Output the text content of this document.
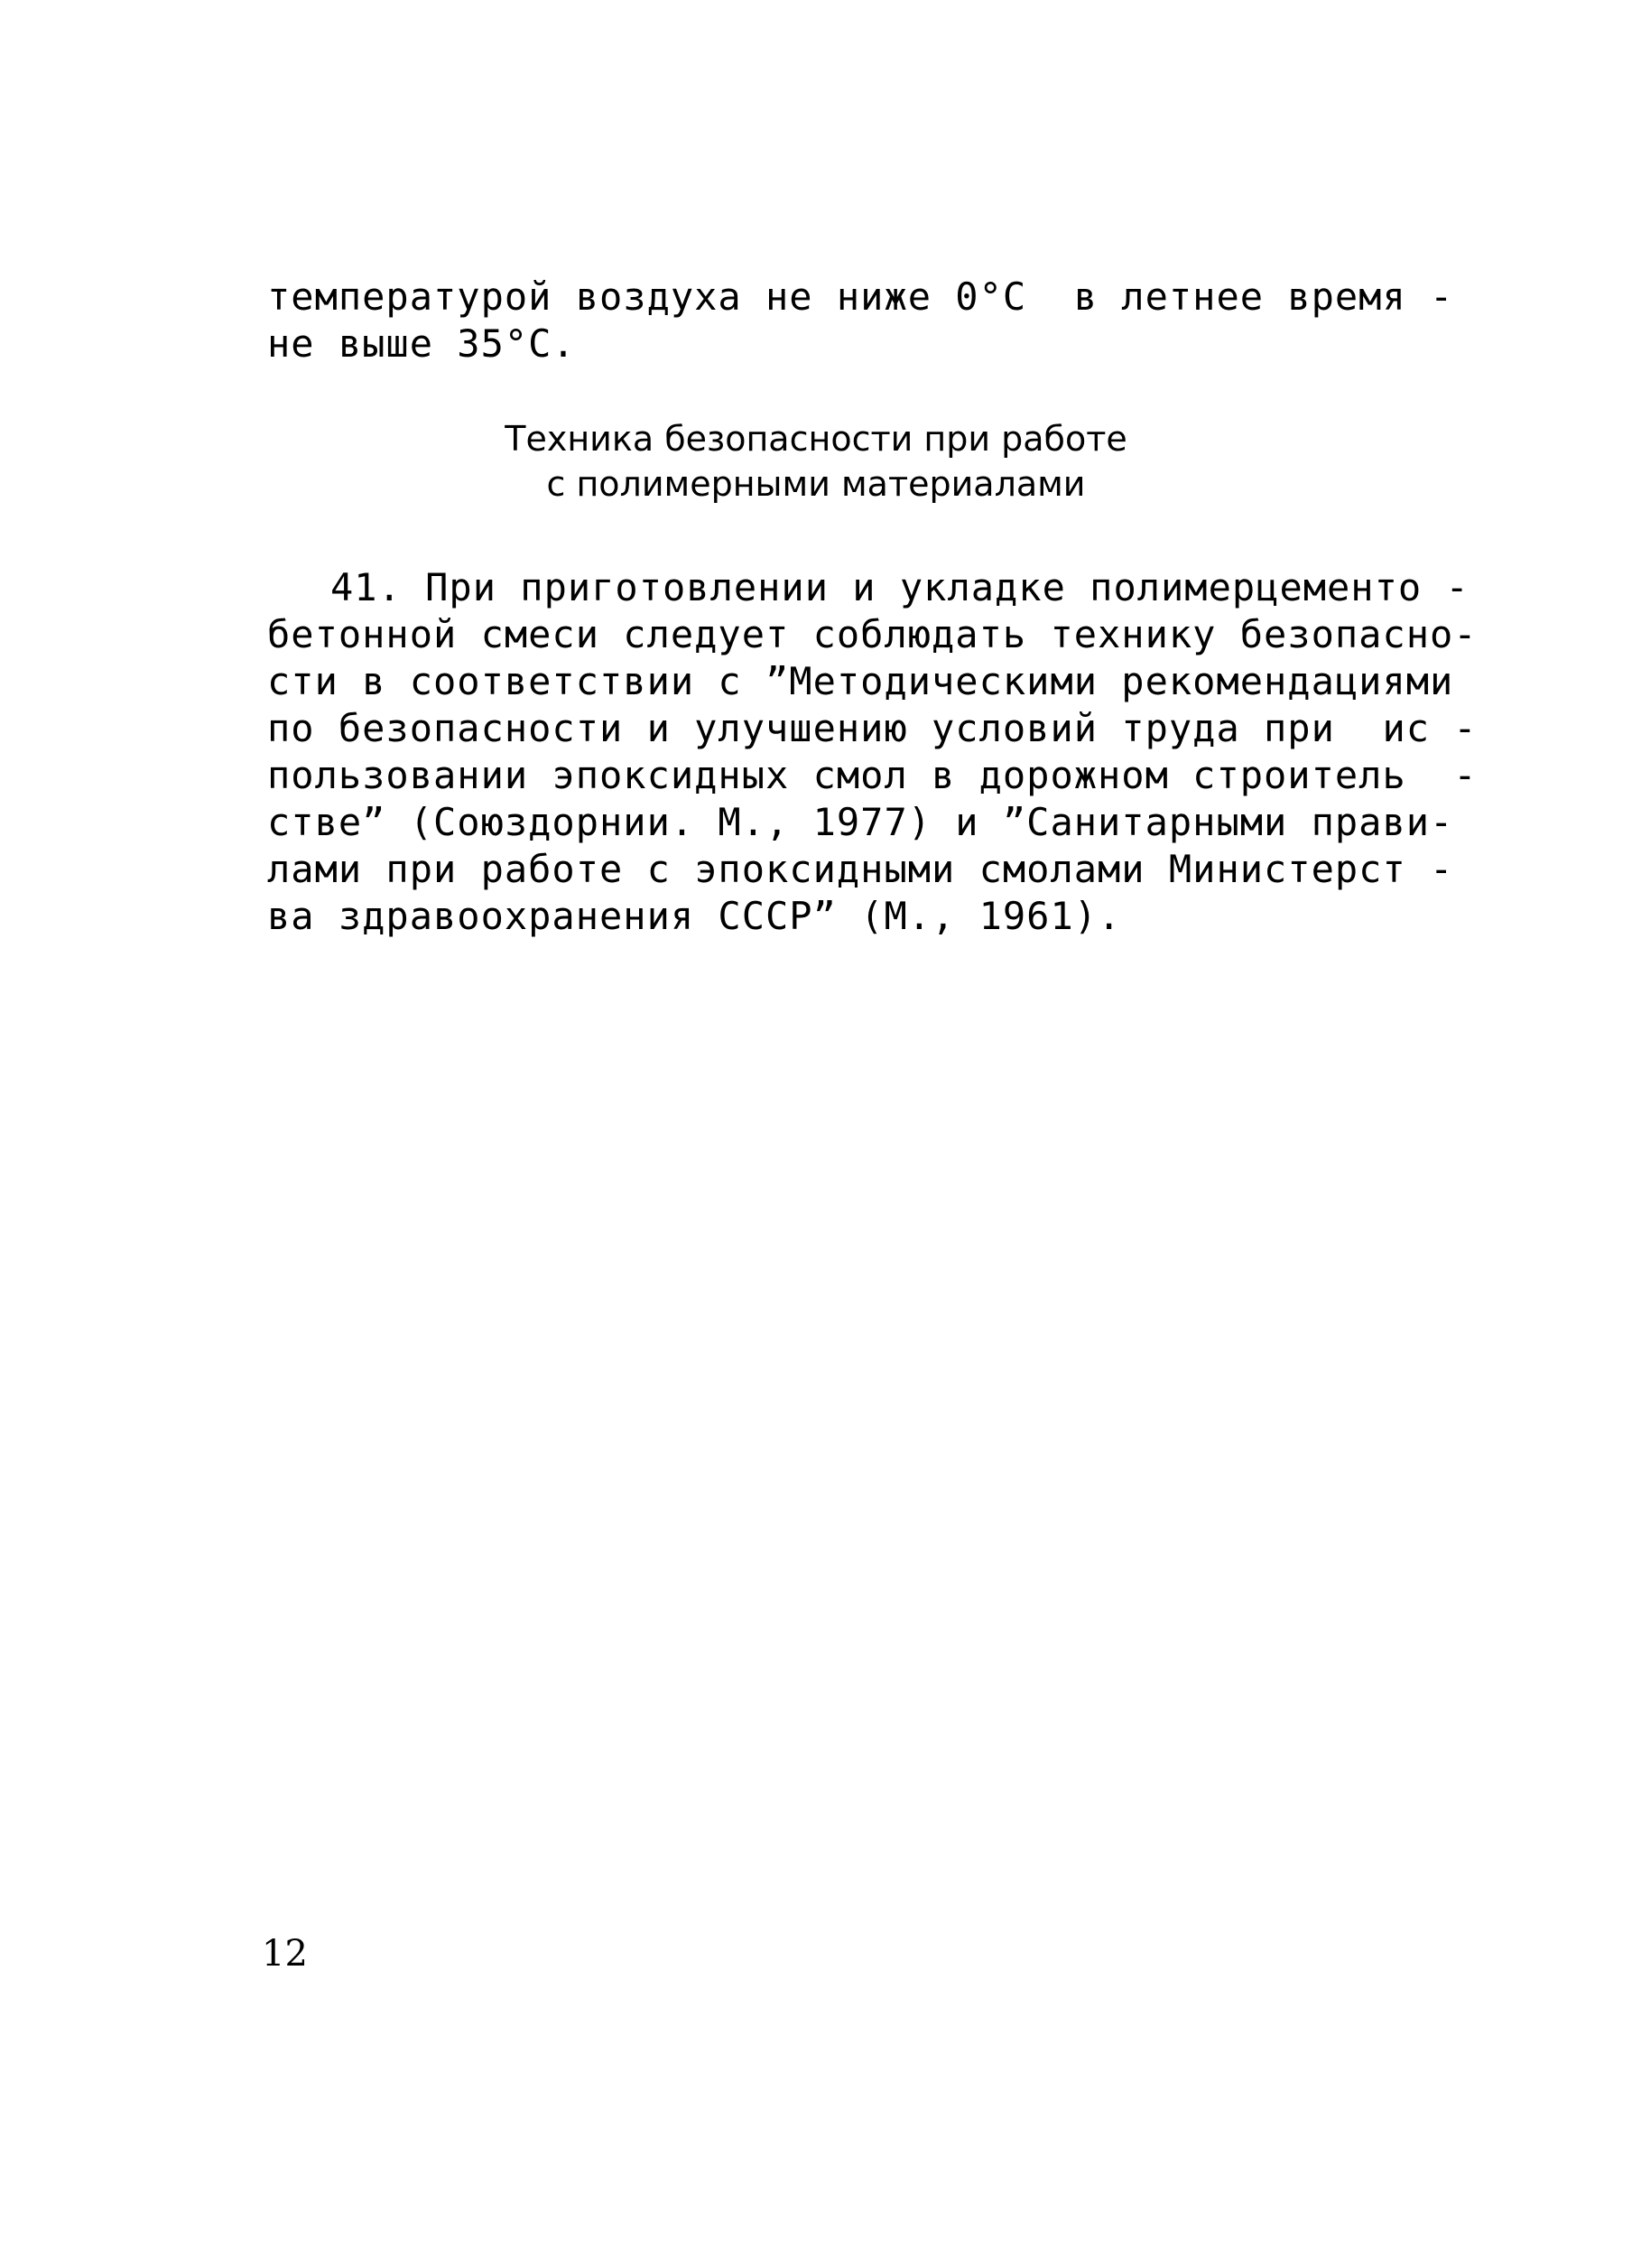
температурой воздуха не ниже 0°С  в летнее время -
не выше 35°С.
Техника безопасности при работе
с полимерными материалами
41. При приготовлении и укладке полимерцементо -
бетонной смеси следует соблюдать технику безопасно-
сти в соответствии с ”Методическими рекомендациями
по безопасности и улучшению условий труда при  ис -
пользовании эпоксидных смол в дорожном строитель  -
стве” (Союздорнии. М., 1977) и ”Санитарными прави-
лами при работе с эпоксидными смолами Министерст -
ва здравоохранения СССР” (М., 1961).
12
